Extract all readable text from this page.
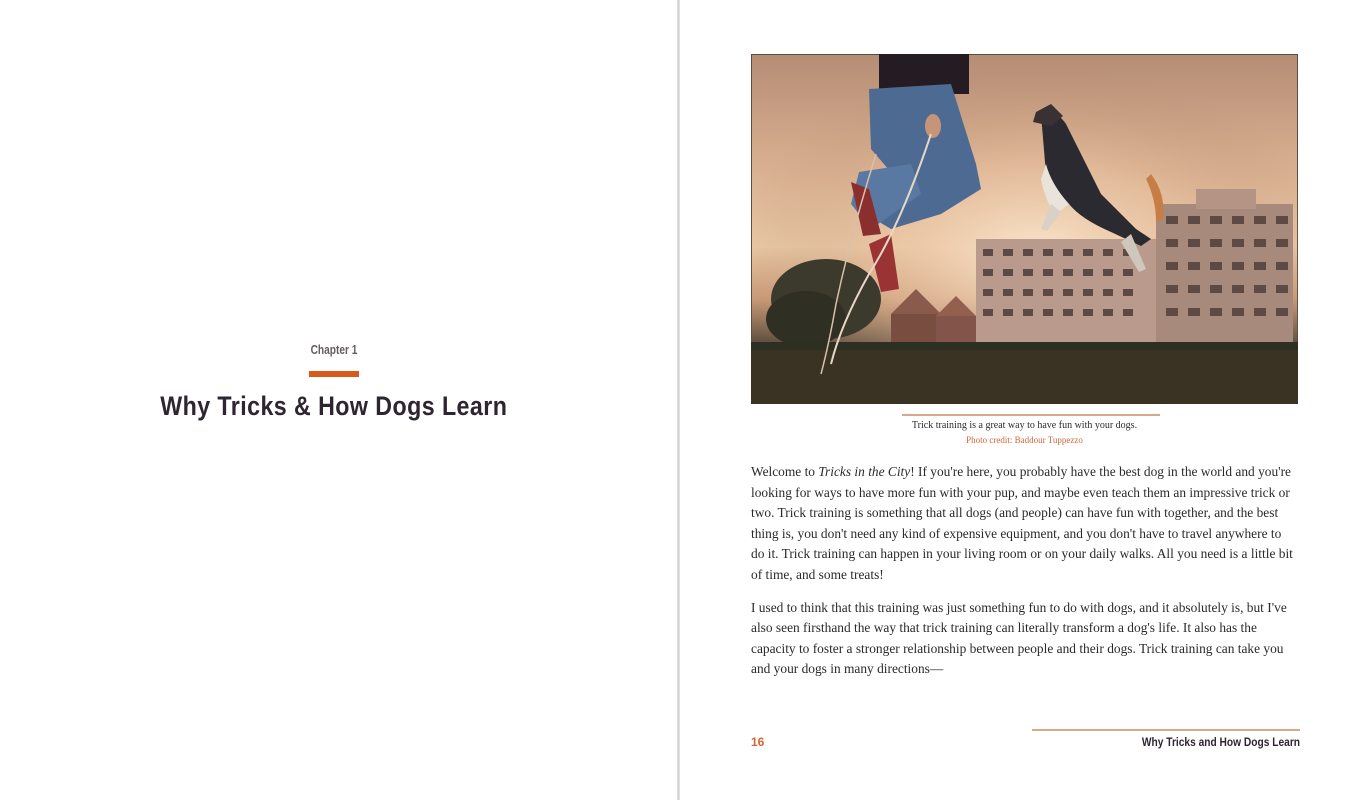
Chapter 1
Why Tricks & How Dogs Learn
Trick training is a great way to have fun with your dogs.
Photo credit: Baddour Tuppezzo

Welcome to Tricks in the City! If you're here, you probably have the best dog in the world and you're looking for ways to have more fun with your pup, and maybe even teach them an impressive trick or two. Trick training is something that all dogs (and people) can have fun with together, and the best thing is, you don't need any kind of expensive equipment, and you don't have to travel anywhere to do it. Trick training can happen in your living room or on your daily walks. All you need is a little bit of time, and some treats!

I used to think that this training was just something fun to do with dogs, and it absolutely is, but I've also seen firsthand the way that trick training can literally transform a dog's life. It also has the capacity to foster a stronger relationship between people and their dogs. Trick training can take you and your dogs in many directions—

16	Why Tricks and How Dogs Learn
